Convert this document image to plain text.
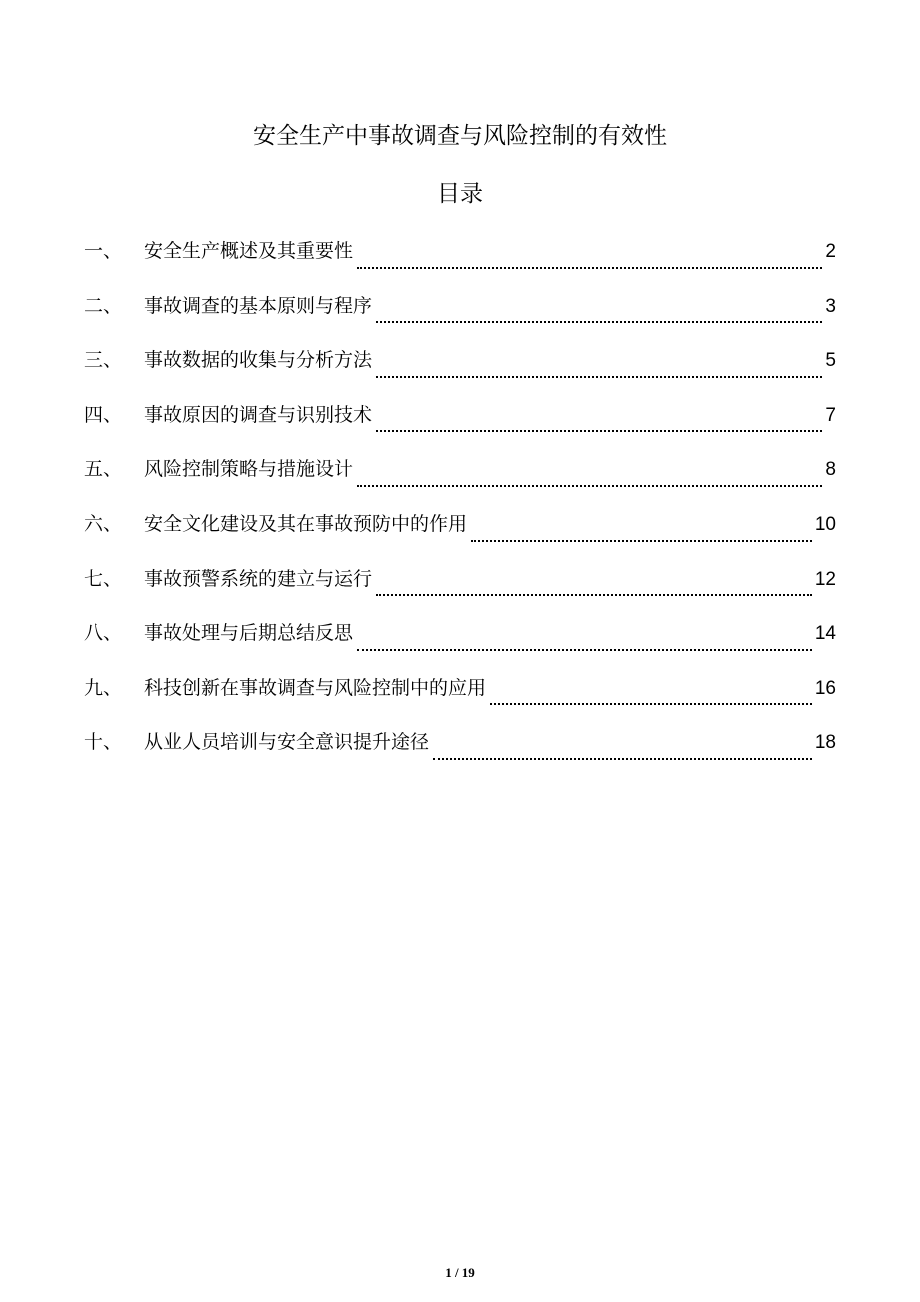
安全生产中事故调查与风险控制的有效性
目录
一、	安全生产概述及其重要性	2
二、	事故调查的基本原则与程序	3
三、	事故数据的收集与分析方法	5
四、	事故原因的调查与识别技术	7
五、	风险控制策略与措施设计	8
六、	安全文化建设及其在事故预防中的作用	10
七、	事故预警系统的建立与运行	12
八、	事故处理与后期总结反思	14
九、	科技创新在事故调查与风险控制中的应用	16
十、	从业人员培训与安全意识提升途径	18
1 / 19
